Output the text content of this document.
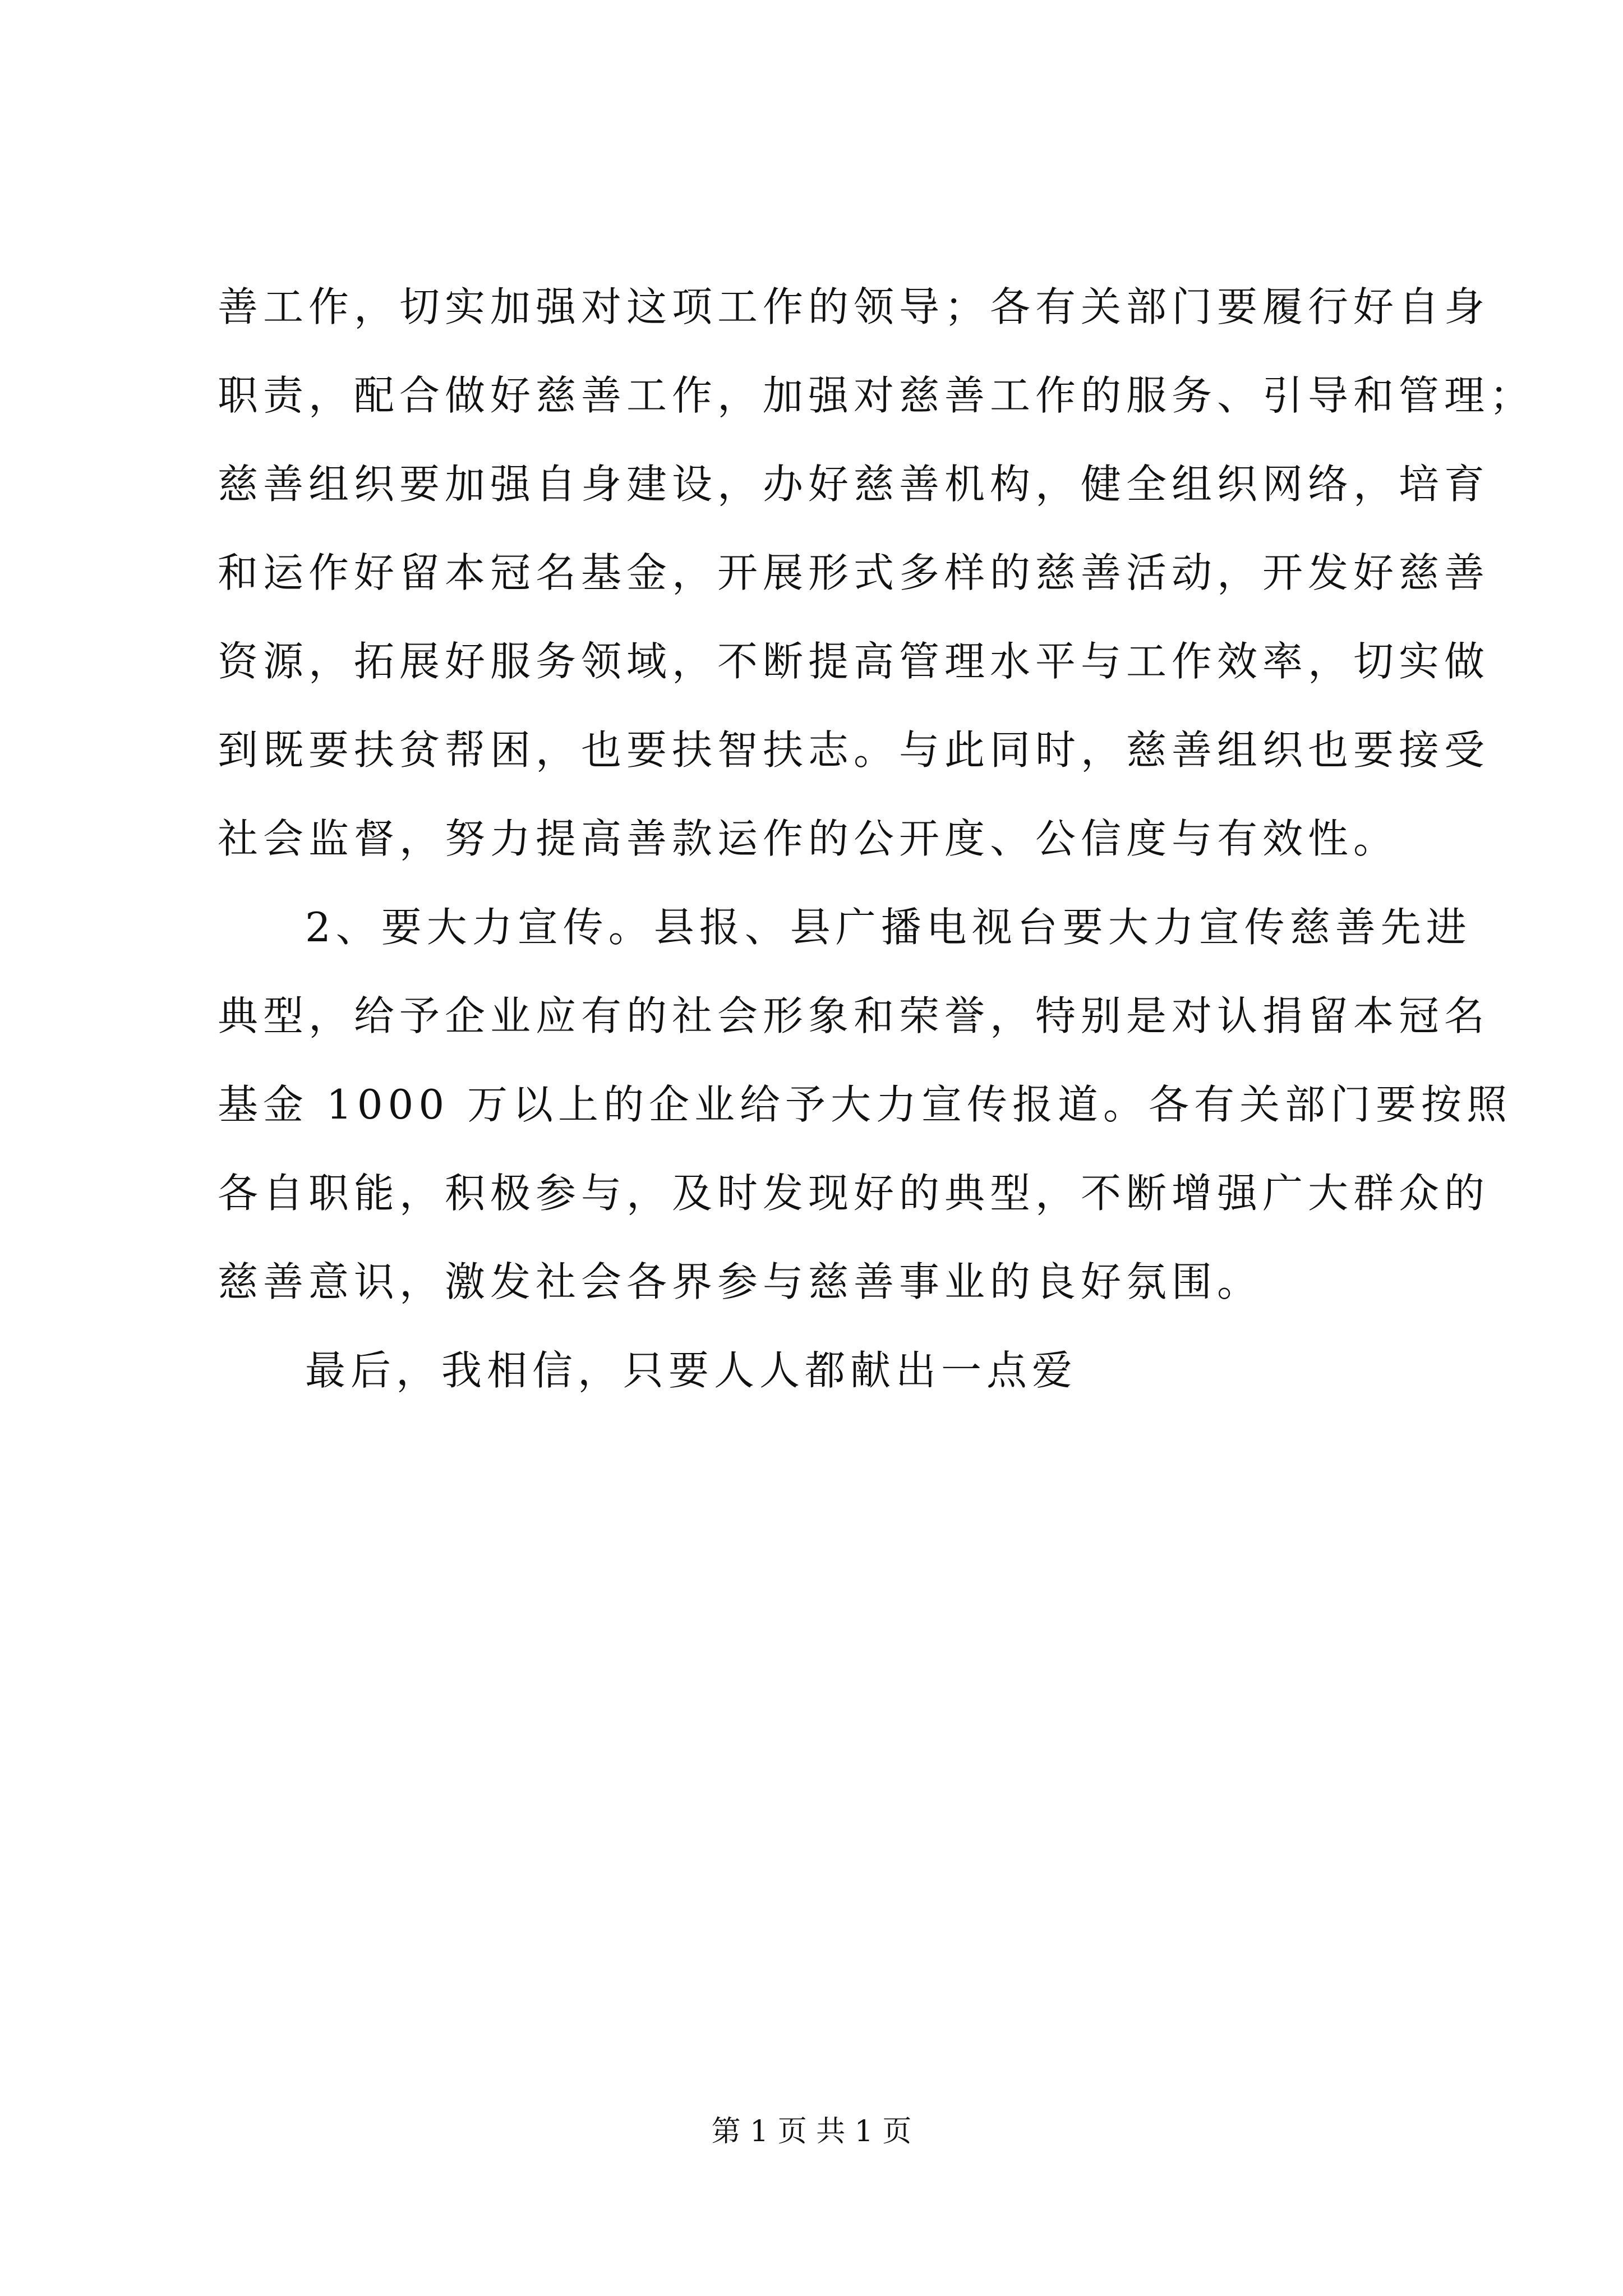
善工作，切实加强对这项工作的领导；各有关部门要履行好自身
职责，配合做好慈善工作，加强对慈善工作的服务、引导和管理；
慈善组织要加强自身建设，办好慈善机构，健全组织网络，培育
和运作好留本冠名基金，开展形式多样的慈善活动，开发好慈善
资源，拓展好服务领域，不断提高管理水平与工作效率，切实做
到既要扶贫帮困，也要扶智扶志。与此同时，慈善组织也要接受
社会监督，努力提高善款运作的公开度、公信度与有效性。
2、要大力宣传。县报、县广播电视台要大力宣传慈善先进
典型，给予企业应有的社会形象和荣誉，特别是对认捐留本冠名
基金 1000 万以上的企业给予大力宣传报道。各有关部门要按照
各自职能，积极参与，及时发现好的典型，不断增强广大群众的
慈善意识，激发社会各界参与慈善事业的良好氛围。
最后，我相信，只要人人都献出一点爱
第 1 页 共 1 页
